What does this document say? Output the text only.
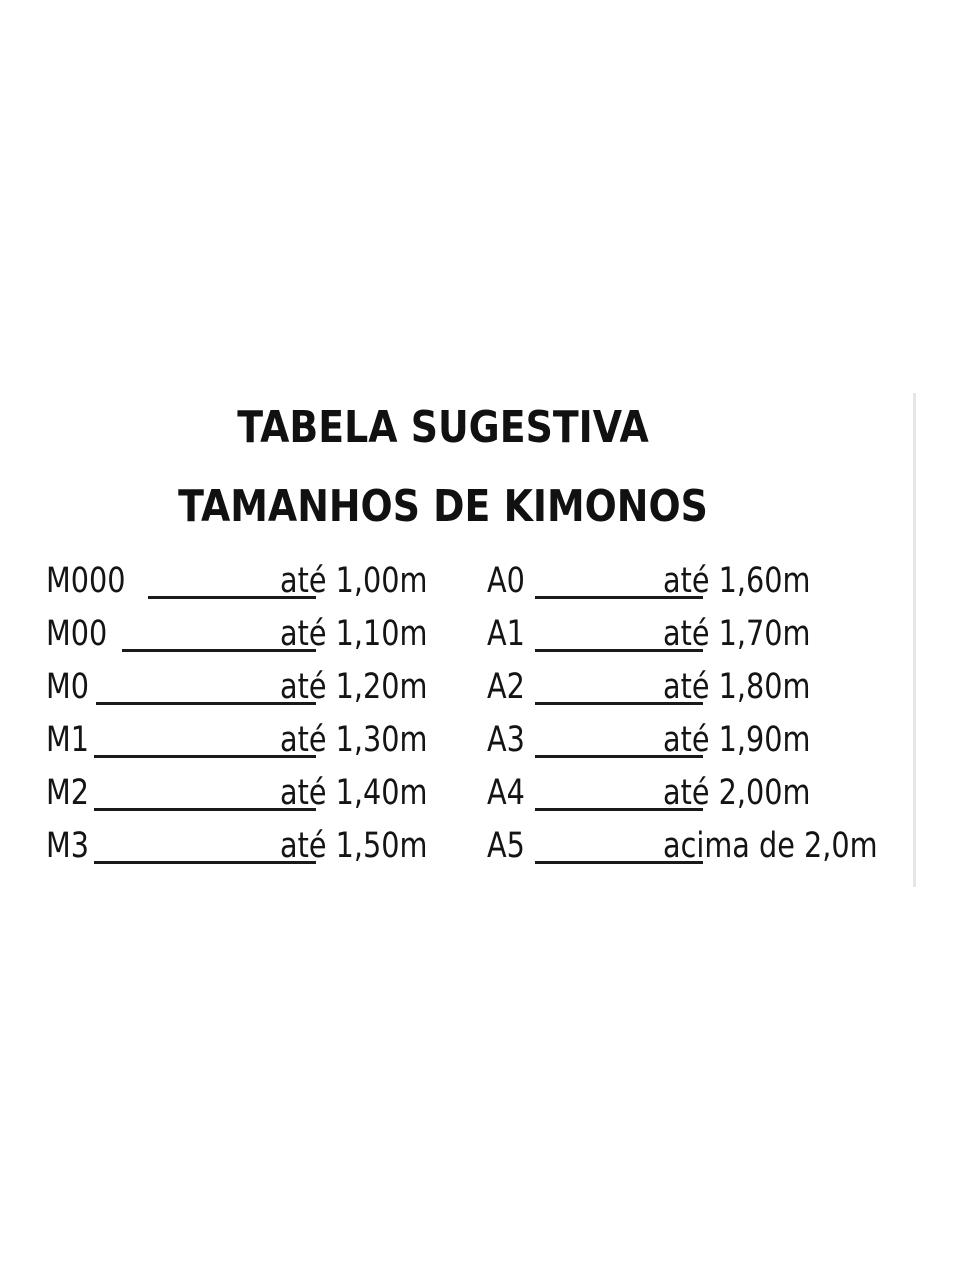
TABELA SUGESTIVA
TAMANHOS DE KIMONOS
M000	até 1,00m
M00	até 1,10m
M0	até 1,20m
M1	até 1,30m
M2	até 1,40m
M3	até 1,50m
A0	até 1,60m
A1	até 1,70m
A2	até 1,80m
A3	até 1,90m
A4	até 2,00m
A5	acima de 2,0m
